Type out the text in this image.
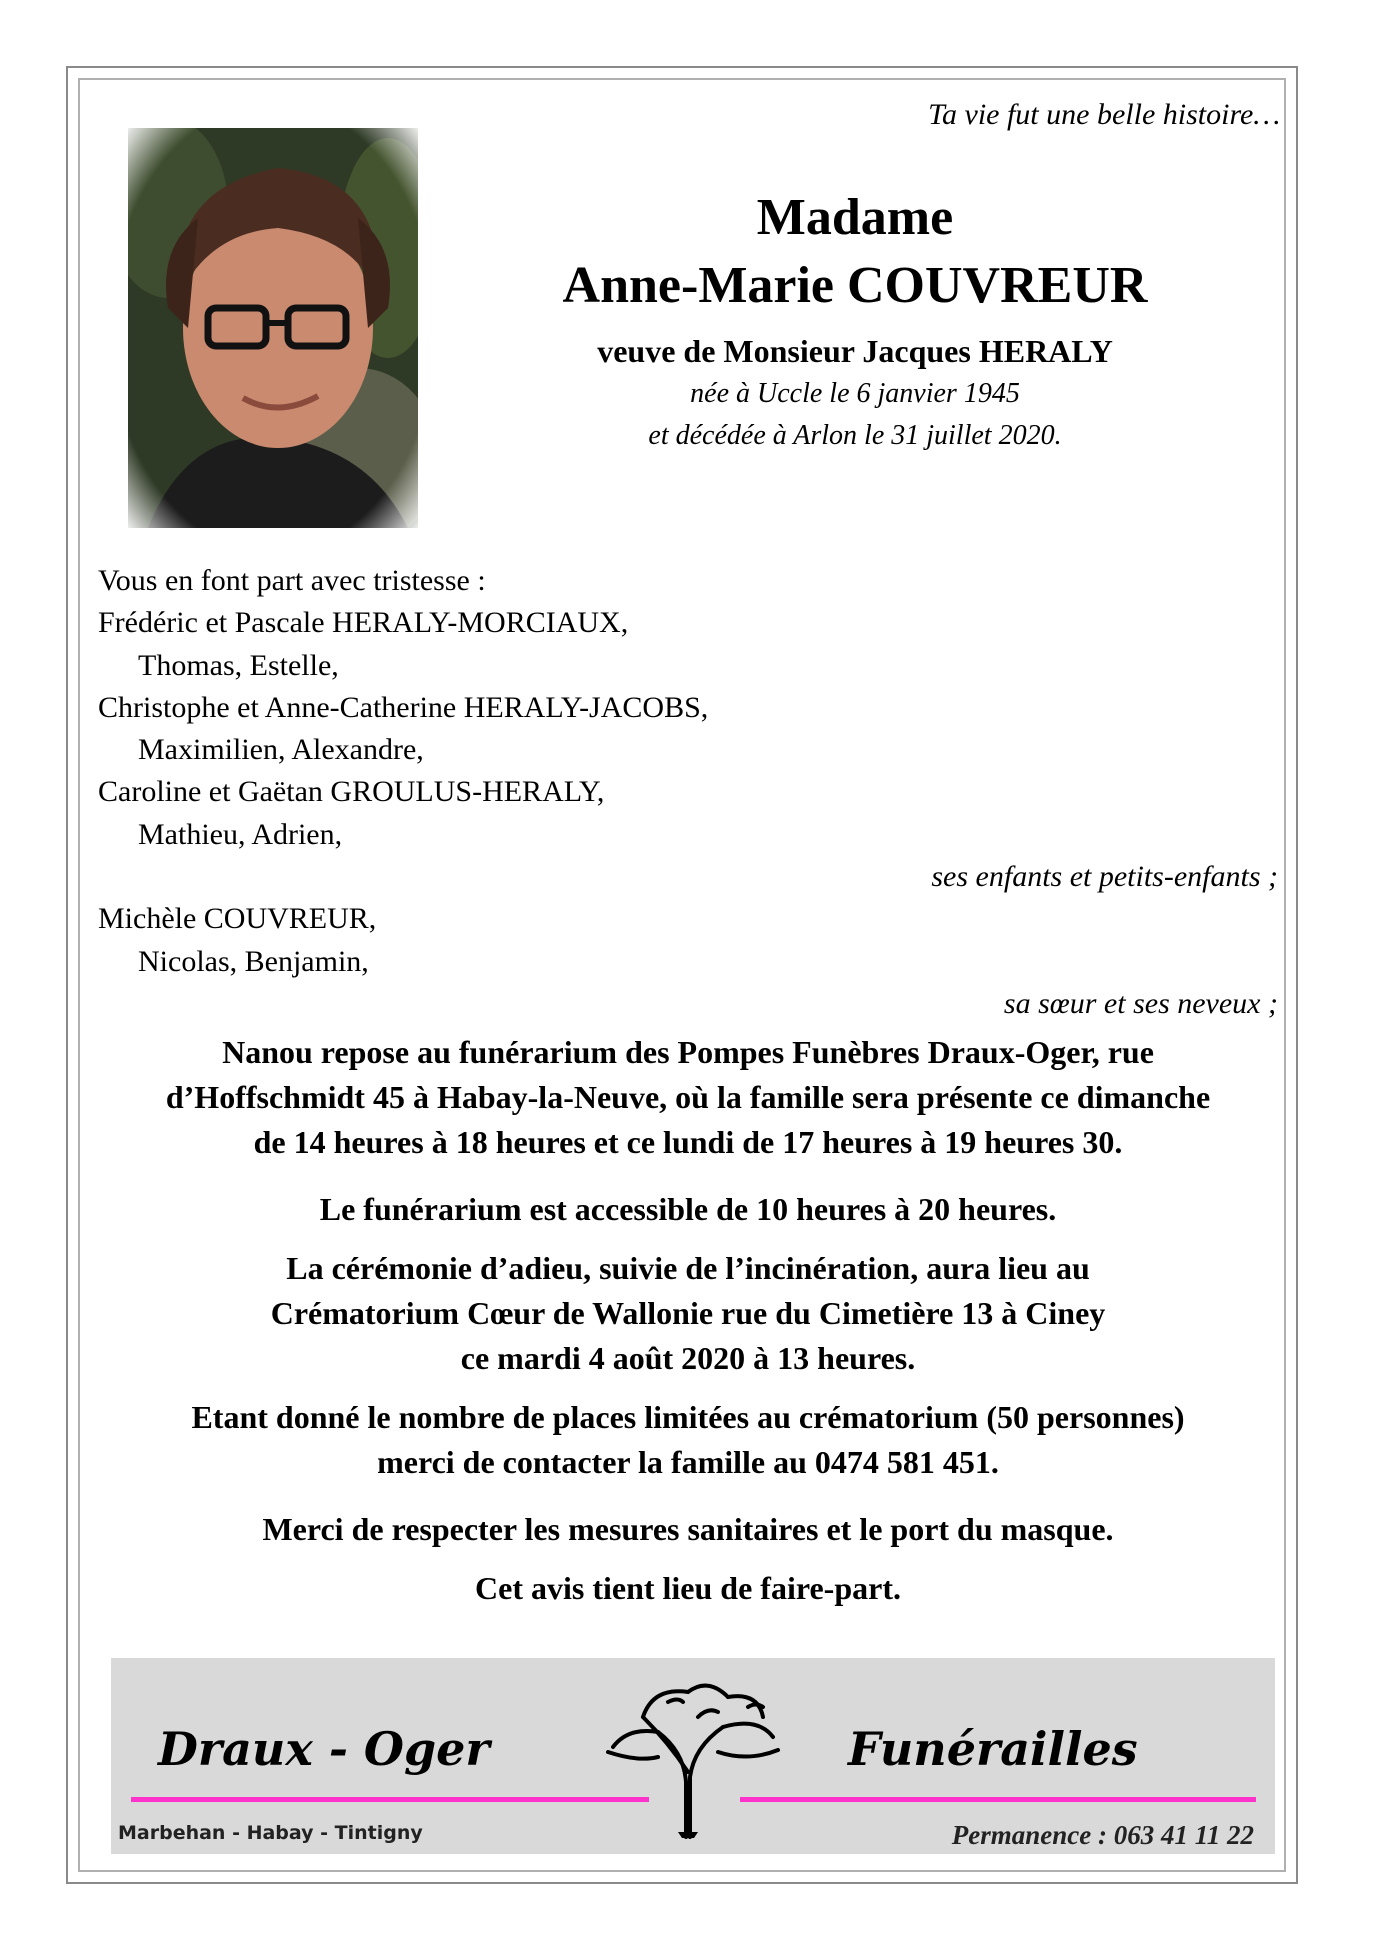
Ta vie fut une belle histoire…
Madame
Anne-Marie COUVREUR
veuve de Monsieur Jacques HERALY
née à Uccle le 6 janvier 1945
et décédée à Arlon le 31 juillet 2020.
Vous en font part avec tristesse :
Frédéric et Pascale HERALY-MORCIAUX,
Thomas, Estelle,
Christophe et Anne-Catherine HERALY-JACOBS,
Maximilien, Alexandre,
Caroline et Gaëtan GROULUS-HERALY,
Mathieu, Adrien,
ses enfants et petits-enfants ;
Michèle COUVREUR,
Nicolas, Benjamin,
sa sœur et ses neveux ;

Nanou repose au funérarium des Pompes Funèbres Draux-Oger, rue

d’Hoffschmidt 45 à Habay-la-Neuve, où la famille sera présente ce dimanche

de 14 heures à 18 heures et ce lundi de 17 heures à 19 heures 30.

Le funérarium est accessible de 10 heures à 20 heures.

La cérémonie d’adieu, suivie de l’incinération, aura lieu au

Crématorium Cœur de Wallonie rue du Cimetière 13 à Ciney

ce mardi 4 août 2020 à 13 heures.

Etant donné le nombre de places limitées au crématorium (50 personnes)

merci de contacter la famille au 0474 581 451.

Merci de respecter les mesures sanitaires et le port du masque.

Cet avis tient lieu de faire-part.

Draux - Oger	Funérailles
Marbehan - Habay - Tintigny	Permanence : 063 41 11 22
